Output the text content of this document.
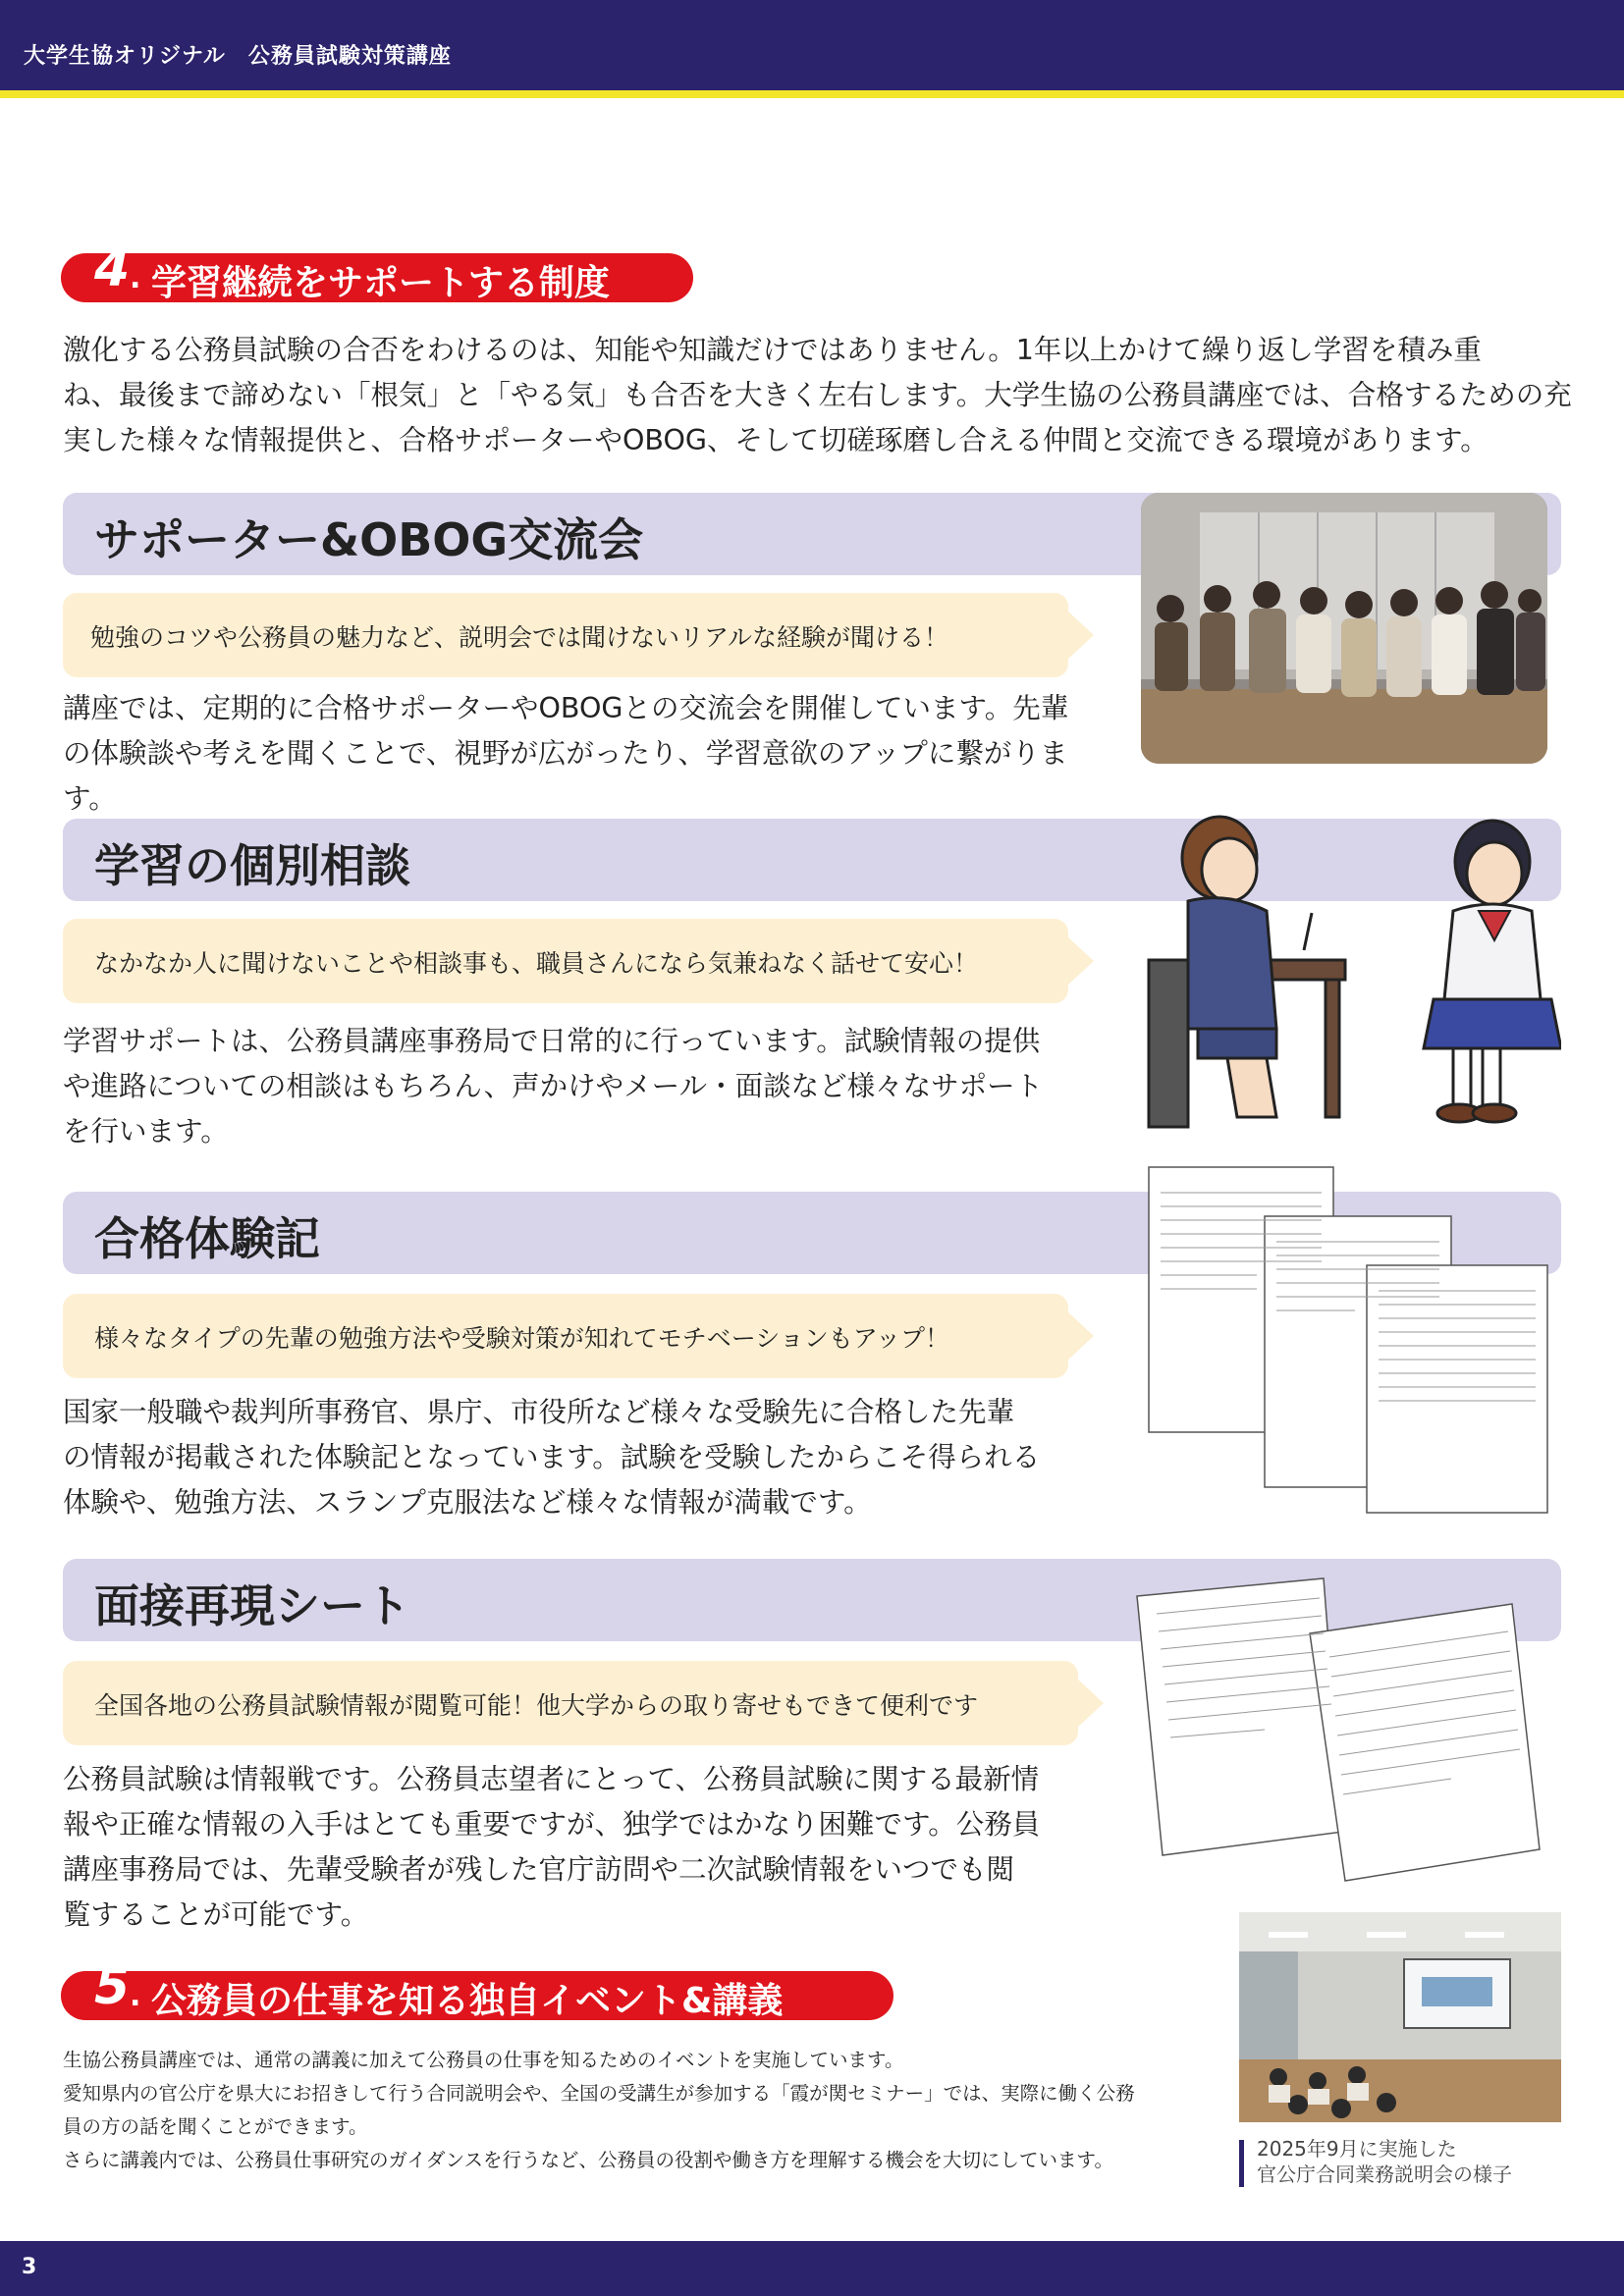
大学生協オリジナル　公務員試験対策講座
4 . 学習継続をサポートする制度
激化する公務員試験の合否をわけるのは、知能や知識だけではありません。1年以上かけて繰り返し学習を積み重
ね、最後まで諦めない「根気」と「やる気」も合否を大きく左右します。大学生協の公務員講座では、合格するための充
実した様々な情報提供と、合格サポーターやOBOG、そして切磋琢磨し合える仲間と交流できる環境があります。
サポーター&OBOG交流会
勉強のコツや公務員の魅力など、説明会では聞けないリアルな経験が聞ける！
講座では、定期的に合格サポーターやOBOGとの交流会を開催しています。先輩
の体験談や考えを聞くことで、視野が広がったり、学習意欲のアップに繋がります。
学習の個別相談
なかなか人に聞けないことや相談事も、職員さんになら気兼ねなく話せて安心！
学習サポートは、公務員講座事務局で日常的に行っています。試験情報の提供
や進路についての相談はもちろん、声かけやメール・面談など様々なサポート
を行います。
合格体験記
様々なタイプの先輩の勉強方法や受験対策が知れてモチベーションもアップ！
国家一般職や裁判所事務官、県庁、市役所など様々な受験先に合格した先輩
の情報が掲載された体験記となっています。試験を受験したからこそ得られる
体験や、勉強方法、スランプ克服法など様々な情報が満載です。
面接再現シート
全国各地の公務員試験情報が閲覧可能！他大学からの取り寄せもできて便利です
公務員試験は情報戦です。公務員志望者にとって、公務員試験に関する最新情
報や正確な情報の入手はとても重要ですが、独学ではかなり困難です。公務員
講座事務局では、先輩受験者が残した官庁訪問や二次試験情報をいつでも閲
覧することが可能です。
5 . 公務員の仕事を知る独自イベント&講義
生協公務員講座では、通常の講義に加えて公務員の仕事を知るためのイベントを実施しています。
愛知県内の官公庁を県大にお招きして行う合同説明会や、全国の受講生が参加する「霞が関セミナー」では、実際に働く公務
員の方の話を聞くことができます。
さらに講義内では、公務員仕事研究のガイダンスを行うなど、公務員の役割や働き方を理解する機会を大切にしています。	2025年9月に実施した
官公庁合同業務説明会の様子
3
